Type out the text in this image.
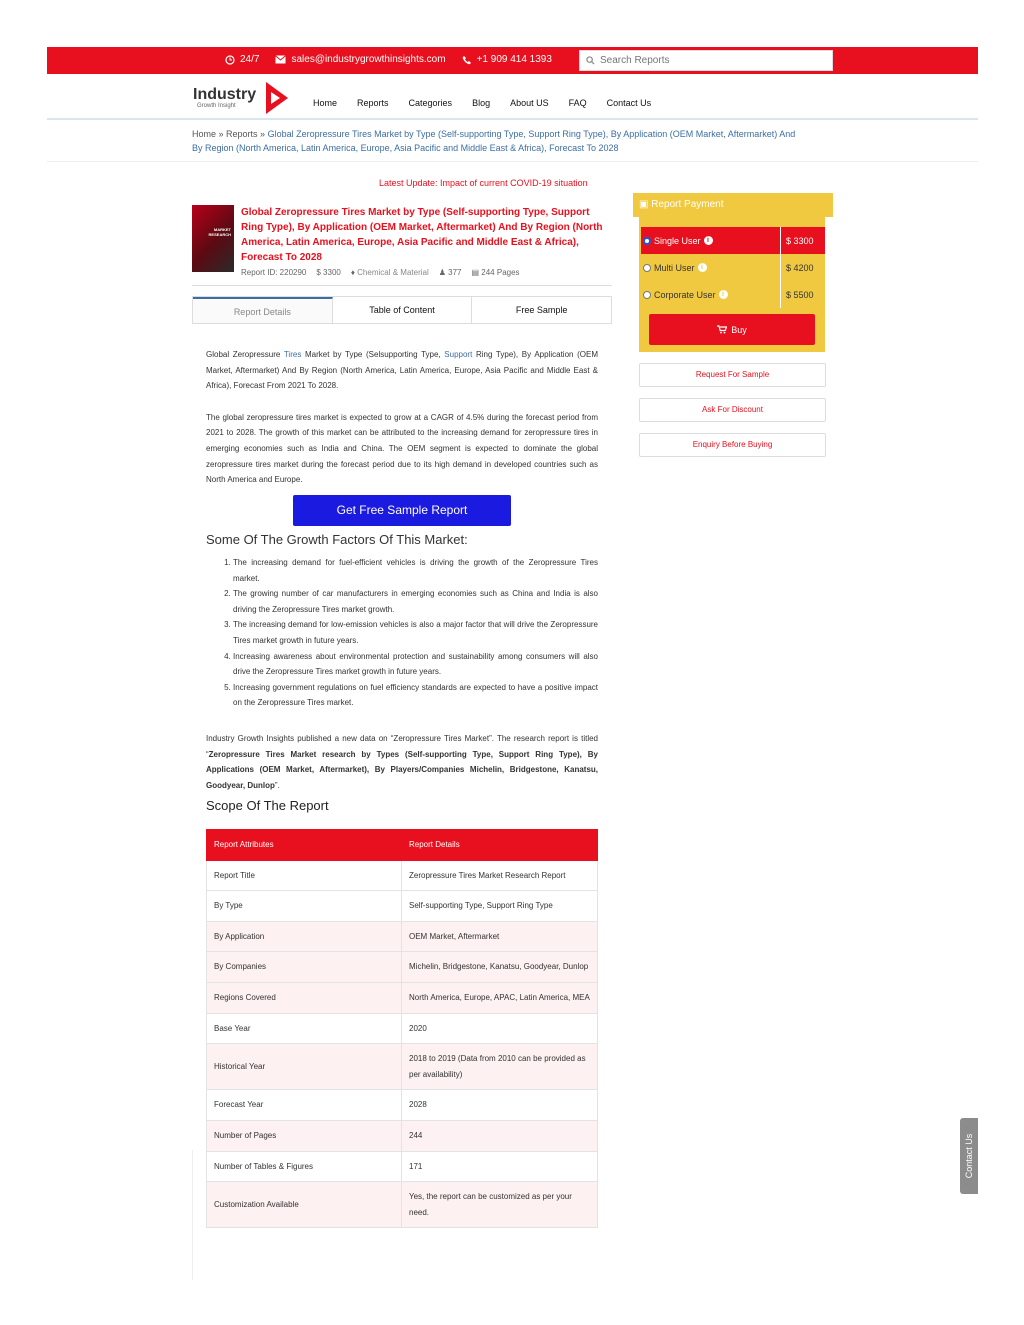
24/7	sales@industrygrowthinsights.com	+1 909 414 1393
Search Reports
Industry
Growth Insight	Home Reports Categories Blog About US FAQ Contact Us
Home » Reports » Global Zeropressure Tires Market by Type (Self-supporting Type, Support Ring Type), By Application (OEM Market, Aftermarket) And By Region (North America, Latin America, Europe, Asia Pacific and Middle East & Africa), Forecast To 2028
Latest Update: Impact of current COVID-19 situation
MARKET RESEARCH
Global Zeropressure Tires Market by Type (Self-supporting Type, Support Ring Type), By Application (OEM Market, Aftermarket) And By Region (North America, Latin America, Europe, Asia Pacific and Middle East & Africa), Forecast To 2028
Report ID: 220290 $ 3300 ♦ Chemical & Material ♟ 377 ▤ 244 Pages
Report Details	Table of Content	Free Sample

Global Zeropressure Tires Market by Type (Selsupporting Type, Support Ring Type), By Application (OEM Market, Aftermarket) And By Region (North America, Latin America, Europe, Asia Pacific and Middle East & Africa), Forecast From 2021 To 2028.

The global zeropressure tires market is expected to grow at a CAGR of 4.5% during the forecast period from 2021 to 2028. The growth of this market can be attributed to the increasing demand for zeropressure tires in emerging economies such as India and China. The OEM segment is expected to dominate the global zeropressure tires market during the forecast period due to its high demand in developed countries such as North America and Europe.

Get Free Sample Report
Some Of The Growth Factors Of This Market:
1. The increasing demand for fuel-efficient vehicles is driving the growth of the Zeropressure Tires market.
2. The growing number of car manufacturers in emerging economies such as China and India is also driving the Zeropressure Tires market growth.
3. The increasing demand for low-emission vehicles is also a major factor that will drive the Zeropressure Tires market growth in future years.
4. Increasing awareness about environmental protection and sustainability among consumers will also drive the Zeropressure Tires market growth in future years.
5. Increasing government regulations on fuel efficiency standards are expected to have a positive impact on the Zeropressure Tires market.
Industry Growth Insights published a new data on “Zeropressure Tires Market”. The research report is titled “Zeropressure Tires Market research by Types (Self-supporting Type, Support Ring Type), By Applications (OEM Market, Aftermarket), By Players/Companies Michelin, Bridgestone, Kanatsu, Goodyear, Dunlop”.
Scope Of The Report
Report Attributes	Report Details
Report Title	Zeropressure Tires Market Research Report
By Type	Self-supporting Type, Support Ring Type
By Application	OEM Market, Aftermarket
By Companies	Michelin, Bridgestone, Kanatsu, Goodyear, Dunlop
Regions Covered	North America, Europe, APAC, Latin America, MEA
Base Year	2020
Historical Year	2018 to 2019 (Data from 2010 can be provided as per availability)
Forecast Year	2028
Number of Pages	244
Number of Tables & Figures	171
Customization Available	Yes, the report can be customized as per your need.
▣ Report Payment
Single User i	$ 3300
Multi User i	$ 4200
Corporate User i	$ 5500
Buy
Request For Sample
Ask For Discount
Enquiry Before Buying
Contact Us
